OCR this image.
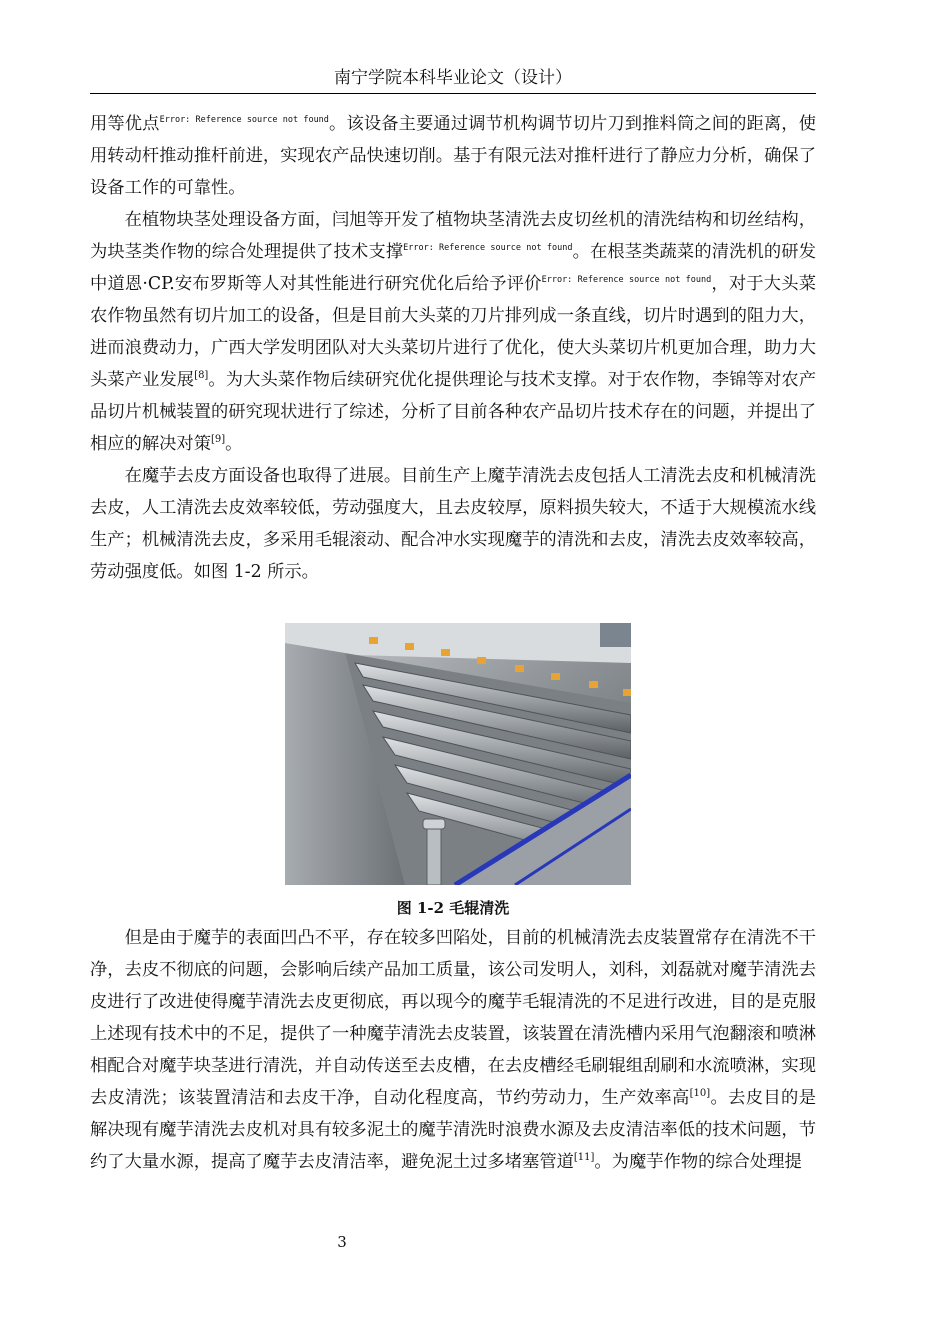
南宁学院本科毕业论文（设计）

用等优点$^{Error: Reference source not found}$。该设备主要通过调节机构调节切片刀到推料筒之间的距离，使用转动杆推动推杆前进，实现农产品快速切削。基于有限元法对推杆进行了静应力分析，确保了设备工作的可靠性。

在植物块茎处理设备方面，闫旭等开发了植物块茎清洗去皮切丝机的清洗结构和切丝结构，为块茎类作物的综合处理提供了技术支撑$^{Error: Reference source not found}$。在根茎类蔬菜的清洗机的研发中道恩·CP.安布罗斯等人对其性能进行研究优化后给予评价$^{Error: Reference source not found}$，对于大头菜农作物虽然有切片加工的设备，但是目前大头菜的刀片排列成一条直线，切片时遇到的阻力大，进而浪费动力，广西大学发明团队对大头菜切片进行了优化，使大头菜切片机更加合理，助力大头菜产业发展[8]。为大头菜作物后续研究优化提供理论与技术支撑。对于农作物，李锦等对农产品切片机械装置的研究现状进行了综述，分析了目前各种农产品切片技术存在的问题，并提出了相应的解决对策[9]。

在魔芋去皮方面设备也取得了进展。目前生产上魔芋清洗去皮包括人工清洗去皮和机械清洗去皮，人工清洗去皮效率较低，劳动强度大，且去皮较厚，原料损失较大，不适于大规模流水线生产；机械清洗去皮，多采用毛辊滚动、配合冲水实现魔芋的清洗和去皮，清洗去皮效率较高，劳动强度低。如图 1-2 所示。

图 1-2 毛辊清洗

但是由于魔芋的表面凹凸不平，存在较多凹陷处，目前的机械清洗去皮装置常存在清洗不干净，去皮不彻底的问题，会影响后续产品加工质量，该公司发明人，刘科，刘磊就对魔芋清洗去皮进行了改进使得魔芋清洗去皮更彻底，再以现今的魔芋毛辊清洗的不足进行改进，目的是克服上述现有技术中的不足，提供了一种魔芋清洗去皮装置，该装置在清洗槽内采用气泡翻滚和喷淋相配合对魔芋块茎进行清洗，并自动传送至去皮槽，在去皮槽经毛刷辊组刮刷和水流喷淋，实现去皮清洗；该装置清洁和去皮干净，自动化程度高，节约劳动力，生产效率高[10]。去皮目的是解决现有魔芋清洗去皮机对具有较多泥土的魔芋清洗时浪费水源及去皮清洁率低的技术问题，节约了大量水源，提高了魔芋去皮清洁率，避免泥土过多堵塞管道[11]。为魔芋作物的综合处理提

3
